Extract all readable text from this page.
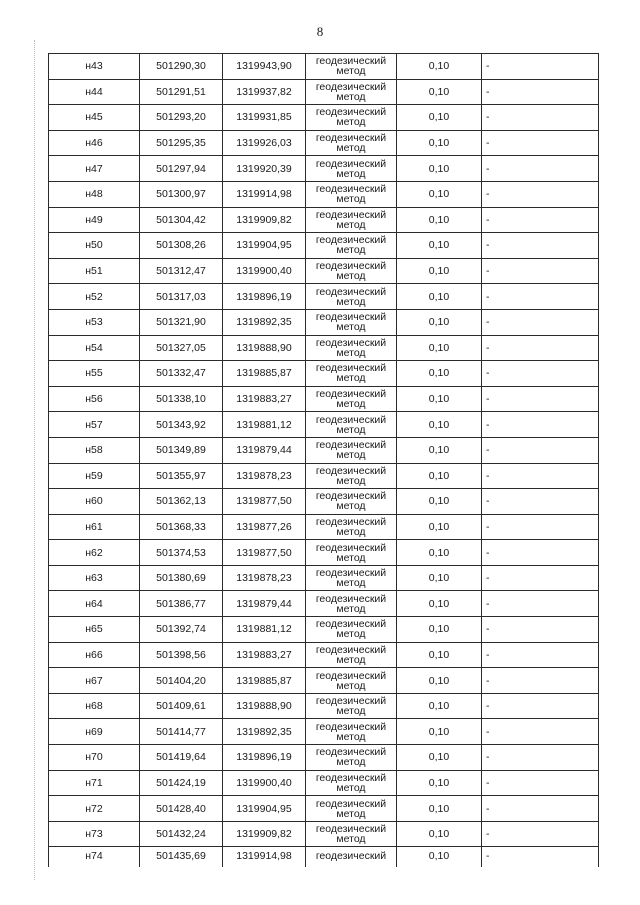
8
н43	501290,30	1319943,90	геодезический
метод	0,10	-
н44	501291,51	1319937,82	геодезический
метод	0,10	-
н45	501293,20	1319931,85	геодезический
метод	0,10	-
н46	501295,35	1319926,03	геодезический
метод	0,10	-
н47	501297,94	1319920,39	геодезический
метод	0,10	-
н48	501300,97	1319914,98	геодезический
метод	0,10	-
н49	501304,42	1319909,82	геодезический
метод	0,10	-
н50	501308,26	1319904,95	геодезический
метод	0,10	-
н51	501312,47	1319900,40	геодезический
метод	0,10	-
н52	501317,03	1319896,19	геодезический
метод	0,10	-
н53	501321,90	1319892,35	геодезический
метод	0,10	-
н54	501327,05	1319888,90	геодезический
метод	0,10	-
н55	501332,47	1319885,87	геодезический
метод	0,10	-
н56	501338,10	1319883,27	геодезический
метод	0,10	-
н57	501343,92	1319881,12	геодезический
метод	0,10	-
н58	501349,89	1319879,44	геодезический
метод	0,10	-
н59	501355,97	1319878,23	геодезический
метод	0,10	-
н60	501362,13	1319877,50	геодезический
метод	0,10	-
н61	501368,33	1319877,26	геодезический
метод	0,10	-
н62	501374,53	1319877,50	геодезический
метод	0,10	-
н63	501380,69	1319878,23	геодезический
метод	0,10	-
н64	501386,77	1319879,44	геодезический
метод	0,10	-
н65	501392,74	1319881,12	геодезический
метод	0,10	-
н66	501398,56	1319883,27	геодезический
метод	0,10	-
н67	501404,20	1319885,87	геодезический
метод	0,10	-
н68	501409,61	1319888,90	геодезический
метод	0,10	-
н69	501414,77	1319892,35	геодезический
метод	0,10	-
н70	501419,64	1319896,19	геодезический
метод	0,10	-
н71	501424,19	1319900,40	геодезический
метод	0,10	-
н72	501428,40	1319904,95	геодезический
метод	0,10	-
н73	501432,24	1319909,82	геодезический
метод	0,10	-
н74	501435,69	1319914,98	геодезический	0,10	-
